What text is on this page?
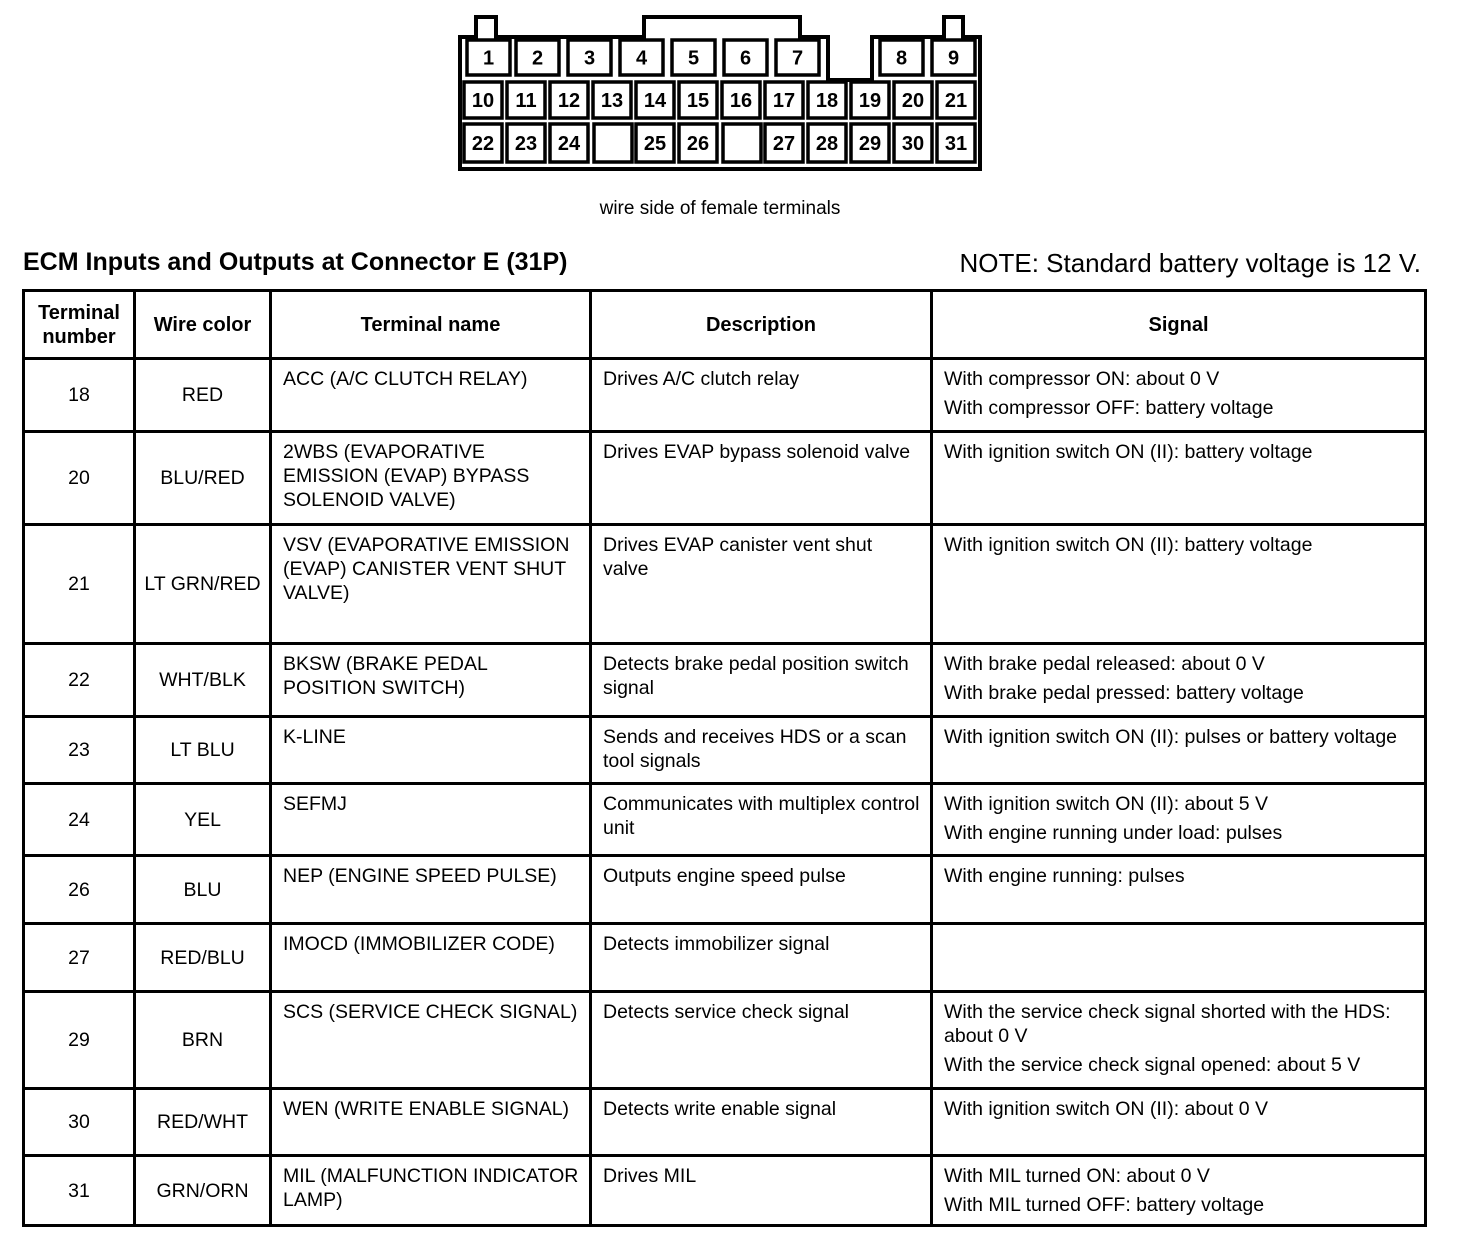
1 2 3 4 5 6 7	8 9
10 11 12 13 14 15 16 17 18 19 20 21
22 23 24	25 26	27 28 29 30 31
wire side of female terminals
ECM Inputs and Outputs at Connector E (31P)	NOTE: Standard battery voltage is 12 V.
Terminal
number	Wire color	Terminal name	Description	Signal
18	RED	ACC (A/C CLUTCH RELAY)	Drives A/C clutch relay	With compressor ON: about 0 V
With compressor OFF: battery voltage

20	BLU/RED	2WBS (EVAPORATIVE EMISSION (EVAP) BYPASS SOLENOID VALVE)	Drives EVAP bypass solenoid valve	With ignition switch ON (II): battery voltage

21	LT GRN/RED	VSV (EVAPORATIVE EMISSION (EVAP) CANISTER VENT SHUT VALVE)	Drives EVAP canister vent shut valve	With ignition switch ON (II): battery voltage

22	WHT/BLK	BKSW (BRAKE PEDAL POSITION SWITCH)	Detects brake pedal position switch signal	With brake pedal released: about 0 V
With brake pedal pressed: battery voltage

23	LT BLU	K-LINE	Sends and receives HDS or a scan tool signals	With ignition switch ON (II): pulses or battery voltage

24	YEL	SEFMJ	Communicates with multiplex control unit	With ignition switch ON (II): about 5 V
With engine running under load: pulses

26	BLU	NEP (ENGINE SPEED PULSE)	Outputs engine speed pulse	With engine running: pulses

27	RED/BLU	IMOCD (IMMOBILIZER CODE)	Detects immobilizer signal	
29	BRN	SCS (SERVICE CHECK SIGNAL)	Detects service check signal	With the service check signal shorted with the HDS: about 0 V
With the service check signal opened: about 5 V

30	RED/WHT	WEN (WRITE ENABLE SIGNAL)	Detects write enable signal	With ignition switch ON (II): about 0 V

31	GRN/ORN	MIL (MALFUNCTION INDICATOR LAMP)	Drives MIL	With MIL turned ON: about 0 V
With MIL turned OFF: battery voltage
